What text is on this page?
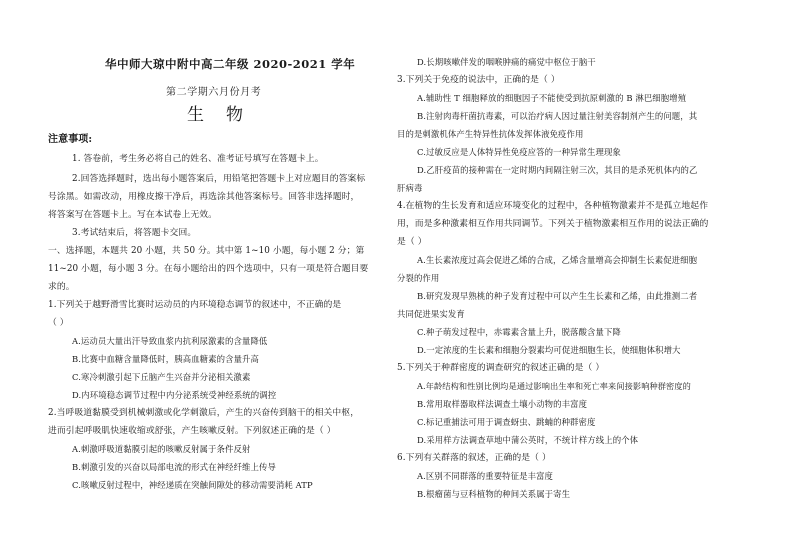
华中师大琼中附中高二年级 2020-2021 学年
第二学期六月份月考
生物
注意事项:
1. 答卷前，考生务必将自己的姓名、准考证号填写在答题卡上。
2.回答选择题时，选出每小题答案后，用铅笔把答题卡上对应题目的答案标
号涂黑。如需改动，用橡皮擦干净后，再选涂其他答案标号。回答非选择题时，
将答案写在答题卡上。写在本试卷上无效。
3.考试结束后，将答题卡交回。
一、选择题，本题共 20 小题，共 50 分。其中第 1~10 小题，每小题 2 分；第
11~20 小题，每小题 3 分。在每小题给出的四个选项中，只有一项是符合题目要
求的。
1.下列关于越野滑雪比赛时运动员的内环境稳态调节的叙述中，不正确的是
（ ）
A.运动员大量出汗导致血浆内抗利尿激素的含量降低
B.比赛中血糖含量降低时，胰高血糖素的含量升高
C.寒冷刺激引起下丘脑产生兴奋并分泌相关激素
D.内环境稳态调节过程中内分泌系统受神经系统的调控
2.当呼吸道黏膜受到机械刺激或化学刺激后，产生的兴奋传到脑干的相关中枢，
进而引起呼吸肌快速收缩或舒张，产生咳嗽反射。下列叙述正确的是（ ）
A.刺激呼吸道黏膜引起的咳嗽反射属于条件反射
B.刺激引发的兴奋以局部电流的形式在神经纤维上传导
C.咳嗽反射过程中，神经递质在突触间隙处的移动需要消耗 ATP
D.长期咳嗽伴发的咽喉肿痛的痛觉中枢位于脑干
3.下列关于免疫的说法中，正确的是（ ）
A.辅助性 T 细胞释放的细胞因子不能使受到抗原刺激的 B 淋巴细胞增殖
B.注射肉毒杆菌抗毒素，可以治疗病人因过量注射美容制剂产生的问题，其
目的是刺激机体产生特异性抗体发挥体液免疫作用
C.过敏反应是人体特异性免疫应答的一种异常生理现象
D.乙肝疫苗的接种需在一定时期内间隔注射三次，其目的是杀死机体内的乙
肝病毒
4.在植物的生长发育和适应环境变化的过程中，各种植物激素并不是孤立地起作
用，而是多种激素相互作用共同调节。下列关于植物激素相互作用的说法正确的
是（ ）
A.生长素浓度过高会促进乙烯的合成，乙烯含量增高会抑制生长素促进细胞
分裂的作用
B.研究发现早熟桃的种子发育过程中可以产生生长素和乙烯，由此推测二者
共同促进果实发育
C.种子萌发过程中，赤霉素含量上升，脱落酸含量下降
D.一定浓度的生长素和细胞分裂素均可促进细胞生长，使细胞体积增大
5.下列关于种群密度的调查研究的叙述正确的是（ ）
A.年龄结构和性别比例均是通过影响出生率和死亡率来间接影响种群密度的
B.常用取样器取样法调查土壤小动物的丰富度
C.标记重捕法可用于调查蚜虫、跳蝻的种群密度
D.采用样方法调查草地中蒲公英时，不统计样方线上的个体
6.下列有关群落的叙述，正确的是（ ）
A.区别不同群落的重要特征是丰富度
B.根瘤菌与豆科植物的种间关系属于寄生
